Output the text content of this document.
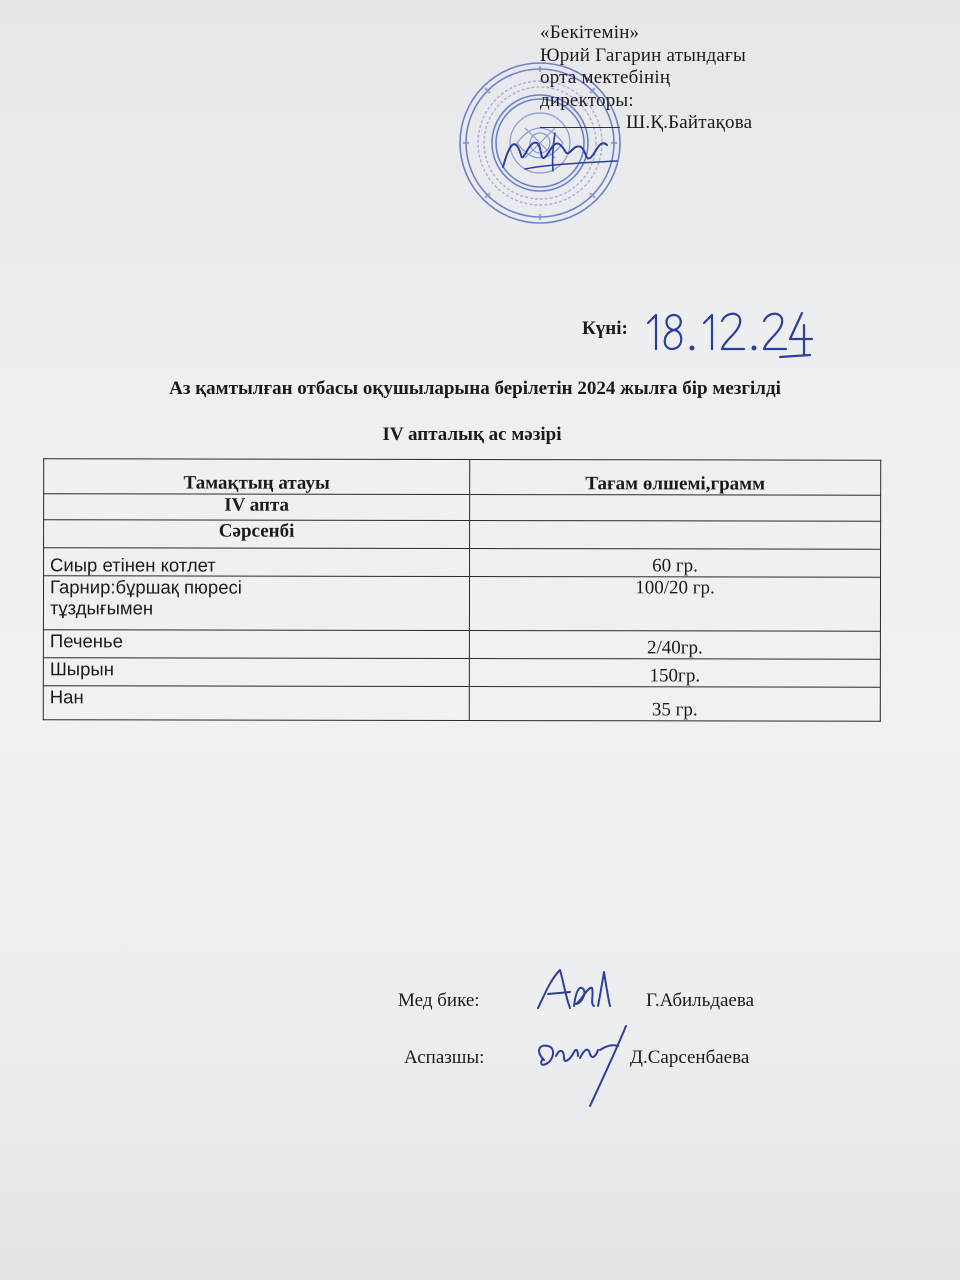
«Бекітемін»
Юрий Гагарин атындағы
орта мектебінің
директоры:
Ш.Қ.Байтақова
Күні:
Аз қамтылған отбасы оқушыларына берілетін 2024 жылға бір мезгілді
IV апталық ас мәзірі
Тамақтың атауы	Тағам өлшемі,грамм
IV апта	
Сәрсенбі	
Сиыр етінен котлет	60 гр.
Гарнир:бұршақ пюресі тұздығымен	100/20 гр.
Печенье	2/40гр.
Шырын	150гр.
Нан	35 гр.
Мед бике:	Г.Абильдаева
Аспазшы:	Д.Сарсенбаева
